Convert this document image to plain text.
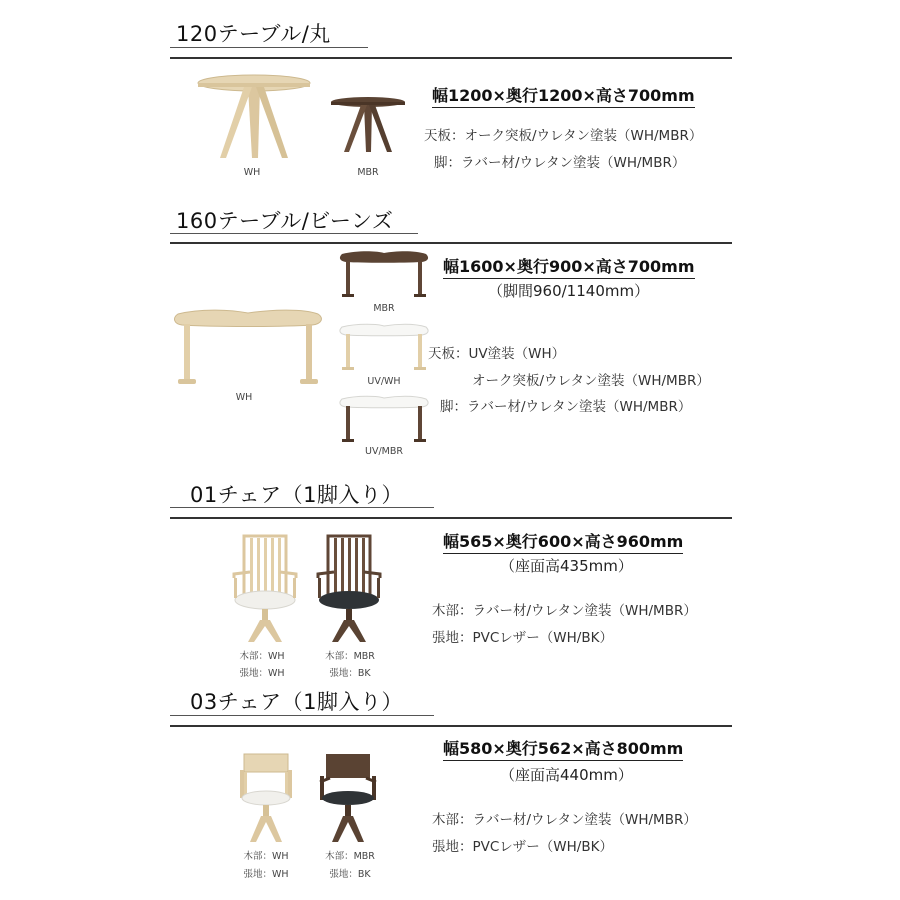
120テーブル/丸
WH	MBR
幅1200×奥行1200×高さ700mm
天板：オーク突板/ウレタン塗装（WH/MBR）
脚：ラバー材/ウレタン塗装（WH/MBR）
160テーブル/ビーンズ
WH
MBR
UV/WH
UV/MBR
幅1600×奥行900×高さ700mm
（脚間960/1140mm）
天板：UV塗装（WH）
オーク突板/ウレタン塗装（WH/MBR）
脚：ラバー材/ウレタン塗装（WH/MBR）
01チェア（1脚入り）
木部：WH
張地：WH
木部：MBR
張地：BK
幅565×奥行600×高さ960mm
（座面高435mm）
木部：ラバー材/ウレタン塗装（WH/MBR）
張地：PVCレザー（WH/BK）
03チェア（1脚入り）
木部：WH
張地：WH
木部：MBR
張地：BK
幅580×奥行562×高さ800mm
（座面高440mm）
木部：ラバー材/ウレタン塗装（WH/MBR）
張地：PVCレザー（WH/BK）
